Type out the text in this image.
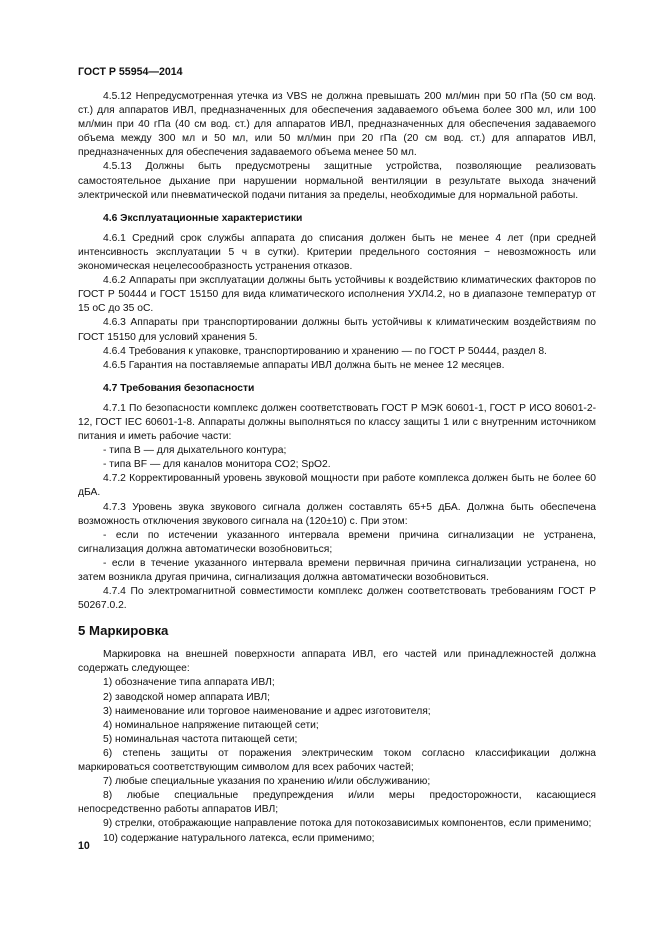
ГОСТ Р 55954—2014

4.5.12 Непредусмотренная утечка из VBS не должна превышать 200 мл/мин при 50 гПа (50 см вод. ст.) для аппаратов ИВЛ, предназначенных для обеспечения задаваемого объема более 300 мл, или 100 мл/мин при 40 гПа (40 см вод. ст.) для аппаратов ИВЛ, предназначенных для обеспечения задаваемого объема между 300 мл и 50 мл, или 50 мл/мин при 20 гПа (20 см вод. ст.) для аппаратов ИВЛ, предназначенных для обеспечения задаваемого объема менее 50 мл.

4.5.13 Должны быть предусмотрены защитные устройства, позволяющие реализовать самостоятельное дыхание при нарушении нормальной вентиляции в результате выхода значений электрической или пневматической подачи питания за пределы, необходимые для нормальной работы.

4.6 Эксплуатационные характеристики

4.6.1 Средний срок службы аппарата до списания должен быть не менее 4 лет (при средней интенсивность эксплуатации 5 ч в сутки). Критерии предельного состояния − невозможность или экономическая нецелесообразность устранения отказов.

4.6.2 Аппараты при эксплуатации должны быть устойчивы к воздействию климатических факторов по ГОСТ Р 50444 и ГОСТ 15150 для вида климатического исполнения УХЛ4.2, но в диапазоне температур от 15 оС до 35 оС.

4.6.3 Аппараты при транспортировании должны быть устойчивы к климатическим воздействиям по ГОСТ 15150 для условий хранения 5.

4.6.4 Требования к упаковке, транспортированию и хранению — по ГОСТ Р 50444, раздел 8.

4.6.5 Гарантия на поставляемые аппараты ИВЛ должна быть не менее 12 месяцев.

4.7 Требования безопасности

4.7.1 По безопасности комплекс должен соответствовать ГОСТ Р МЭК 60601-1, ГОСТ Р ИСО 80601-2-12, ГОСТ IEC 60601-1-8. Аппараты должны выполняться по классу защиты 1 или с внутренним источником питания и иметь рабочие части:

- типа В — для дыхательного контура;

- типа BF — для каналов монитора CO2; SpO2.

4.7.2 Корректированный уровень звуковой мощности при работе комплекса должен быть не более 60 дБА.

4.7.3 Уровень звука звукового сигнала должен составлять 65+5 дБА. Должна быть обеспечена возможность отключения звукового сигнала на (120±10) с. При этом:

- если по истечении указанного интервала времени причина сигнализации не устранена, сигнализация должна автоматически возобновиться;

- если в течение указанного интервала времени первичная причина сигнализации устранена, но затем возникла другая причина, сигнализация должна автоматически возобновиться.

4.7.4 По электромагнитной совместимости комплекс должен соответствовать требованиям ГОСТ Р 50267.0.2.

5 Маркировка

Маркировка на внешней поверхности аппарата ИВЛ, его частей или принадлежностей должна содержать следующее:

1) обозначение типа аппарата ИВЛ;

2) заводской номер аппарата ИВЛ;

3) наименование или торговое наименование и адрес изготовителя;

4) номинальное напряжение питающей сети;

5) номинальная частота питающей сети;

6) степень защиты от поражения электрическим током согласно классификации должна маркироваться соответствующим символом для всех рабочих частей;

7) любые специальные указания по хранению и/или обслуживанию;

8) любые специальные предупреждения и/или меры предосторожности, касающиеся непосредственно работы аппаратов ИВЛ;

9) стрелки, отображающие направление потока для потокозависимых компонентов, если применимо;

10) содержание натурального латекса, если применимо;

10
